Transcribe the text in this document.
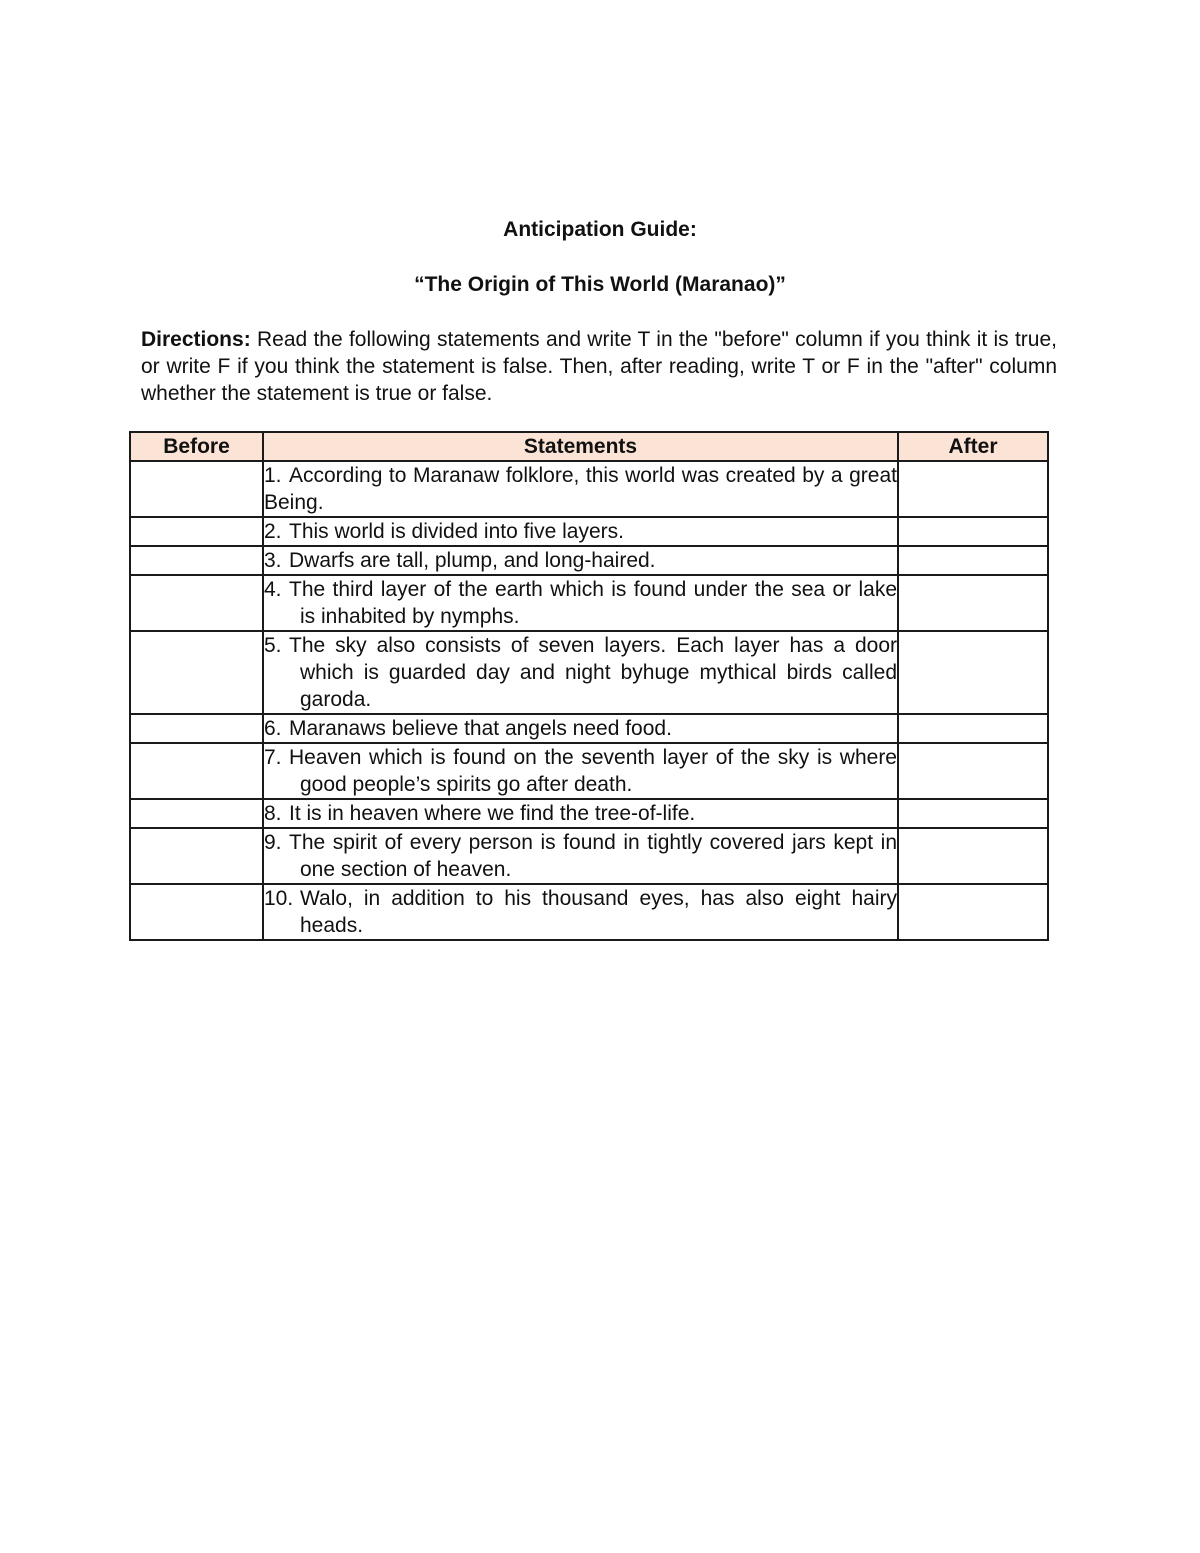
Anticipation Guide:
“The Origin of This World (Maranao)”

Directions: Read the following statements and write T in the "before" column if you think it is true, or write F if you think the statement is false. Then, after reading, write T or F in the "after" column whether the statement is true or false.

Before	Statements	After

	1. According to Maranaw folklore, this world was created by a great Being.	

	2. This world is divided into five layers.	

	3. Dwarfs are tall, plump, and long-haired.	

	4. The third layer of the earth which is found under the sea or lake is inhabited by nymphs.	

	5. The sky also consists of seven layers. Each layer has a door which is guarded day and night byhuge mythical birds called garoda.	

	6. Maranaws believe that angels need food.	

	7. Heaven which is found on the seventh layer of the sky is where good people’s spirits go after death.	

	8. It is in heaven where we find the tree-of-life.	

	9. The spirit of every person is found in tightly covered jars kept in one section of heaven.	

	10. Walo, in addition to his thousand eyes, has also eight hairy heads.	
